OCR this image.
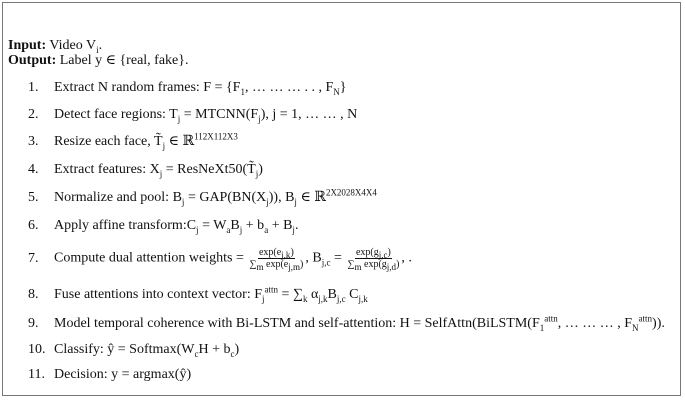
Input: Video $V_i$.
Output: Label y ∈ {real, fake}.
1. Extract N random frames: $F = \{F_1$, … … … . . , $F_N$}
2. Detect face regions: $T_j$ = $MTCNN(F_j)$, j = 1, … … , N
3. Resize each face, $T̃_j$ ∈ ℝ$^{112X112X3}$
4. Extract features: $X_j$ = $ResNeXt50(T̃_j)$
5. Normalize and pool: $B_j = GAP(BN(X_j))$, $B_j$ ∈ ℝ$^{2X2028X4X4}$
6. Apply affine $transform:C_j = W_aB_j + b_a + B_j$.
7. Compute dual attention weights = $\frac{\exp(e_{j,k})}{\sum_m \exp(e_{j,m})}$ , $B_{j,c} = \frac{\exp(g_{j,c})}{\sum_m \exp(g_{j,d})}$ , .
8. Fuse attentions into context vector: $F_j^{attn} = \sum_k$ $\alpha_{j,k}B_{j,c}$ $C_{j,k}$
9. Model temporal coherence with Bi-LSTM and self-attention: $H = SelfAttn(BiLSTM(F_1^{attn}$, … … … , $F_N^{attn}$)).
10. Classify: ŷ = $Softmax(W_cH + b_c)$
11. Decision: y = argmax(ŷ)
